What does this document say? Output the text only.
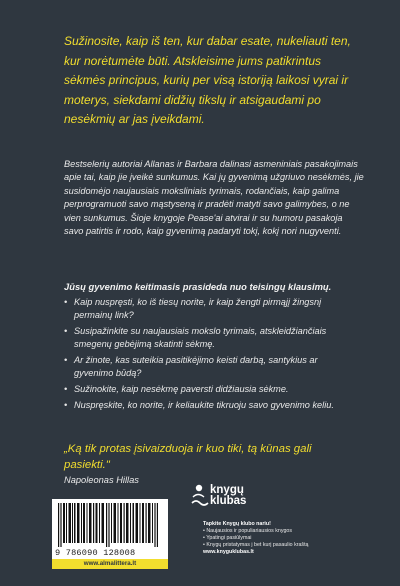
Sužinosite, kaip iš ten, kur dabar esate, nukeliauti ten, kur norėtumėte būti. Atskleisime jums patikrintus sėkmės principus, kurių per visą istoriją laikosi vyrai ir moterys, siekdami didžių tikslų ir atsigaudami po nesėkmių ar jas įveikdami.

Bestselerių autoriai Allanas ir Barbara dalinasi asmeniniais pasakojimais apie tai, kaip jie įveikė sunkumus. Kai jų gyvenimą užgriuvo nesėkmės, jie susidomėjo naujausiais moksliniais tyrimais, rodančiais, kaip galima perprogramuoti savo mąstyseną ir pradėti matyti savo galimybes, o ne vien sunkumus. Šioje knygoje Pease'ai atvirai ir su humoru pasakoja savo patirtis ir rodo, kaip gyvenimą padaryti tokį, kokį nori nugyventi.

Jūsų gyvenimo keitimasis prasideda nuo teisingų klausimų.
• Kaip nuspręsti, ko iš tiesų norite, ir kaip žengti pirmąjį žingsnį permainų link?
• Susipažinkite su naujausiais mokslo tyrimais, atskleidžiančiais smegenų gebėjimą skatinti sėkmę.
• Ar žinote, kas suteikia pasitikėjimo keisti darbą, santykius ar gyvenimo būdą?
• Sužinokite, kaip nesėkmę paversti didžiausia sėkme.
• Nuspręskite, ko norite, ir keliaukite tikruoju savo gyvenimo keliu.

„Ką tik protas įsivaizduoja ir kuo tiki, tą kūnas gali pasiekti."

Napoleonas Hillas
9 786090 128008
www.almalittera.lt
knygų
klubas
Tapkite Knygų klubo nariu!
• Naujausios ir populiariausios knygos
• Ypatingi pasiūlymai
• Knygų pristatymas į bet kurį pasaulio kraštą
www.knyguklubas.lt
